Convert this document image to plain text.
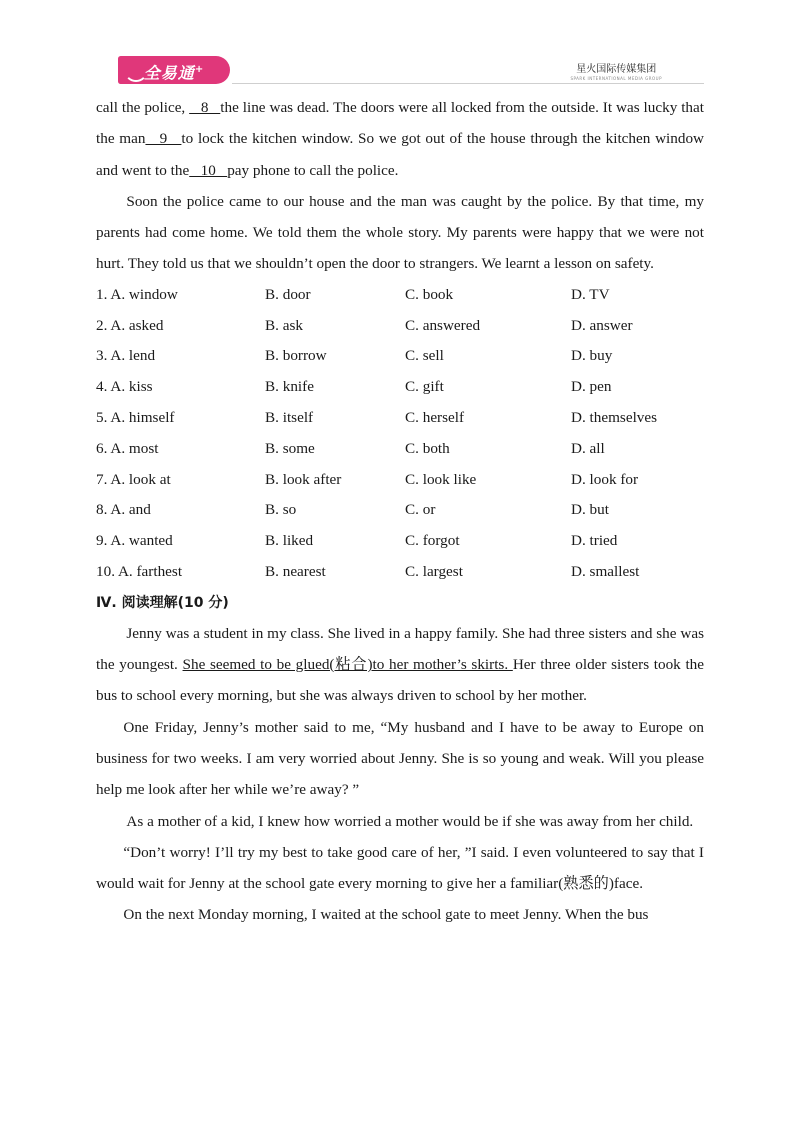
全易通+	星火国际传媒集团
SPARK INTERNATIONAL MEDIA GROUP

call the police,    8   the line was dead. The doors were all locked from the outside. It was lucky that the man   9   to lock the kitchen window. So we got out of the house through the kitchen window and went to the   10   pay phone to call the police.

Soon the police came to our house and the man was caught by the police. By that time, my parents had come home. We told them the whole story. My parents were happy that we were not hurt. They told us that we shouldn’t open the door to strangers. We learnt a lesson on safety.

1. A. window	B. door	C. book	D. TV
2. A. asked	B. ask	C. answered	D. answer
3. A. lend	B. borrow	C. sell	D. buy
4. A. kiss	B. knife	C. gift	D. pen
5. A. himself	B. itself	C. herself	D. themselves
6. A. most	B. some	C. both	D. all
7. A. look at	B. look after	C. look like	D. look for
8. A. and	B. so	C. or	D. but
9. A. wanted	B. liked	C. forgot	D. tried
10. A. farthest	B. nearest	C. largest	D. smallest

Ⅳ. 阅读理解(10 分)

Jenny was a student in my class. She lived in a happy family. She had three sisters and she was the youngest. She seemed to be glued(粘合)to her mother’s skirts. Her three older sisters took the bus to school every morning, but she was always driven to school by her mother.

One Friday, Jenny’s mother said to me, “My husband and I have to be away to Europe on business for two weeks. I am very worried about Jenny. She is so young and weak. Will you please help me look after her while we’re away? ”

As a mother of a kid, I knew how worried a mother would be if she was away from her child.

“Don’t worry! I’ll try my best to take good care of her, ”I said. I even volunteered to say that I would wait for Jenny at the school gate every morning to give her a familiar(熟悉的)face.

On the next Monday morning, I waited at the school gate to meet Jenny. When the bus
